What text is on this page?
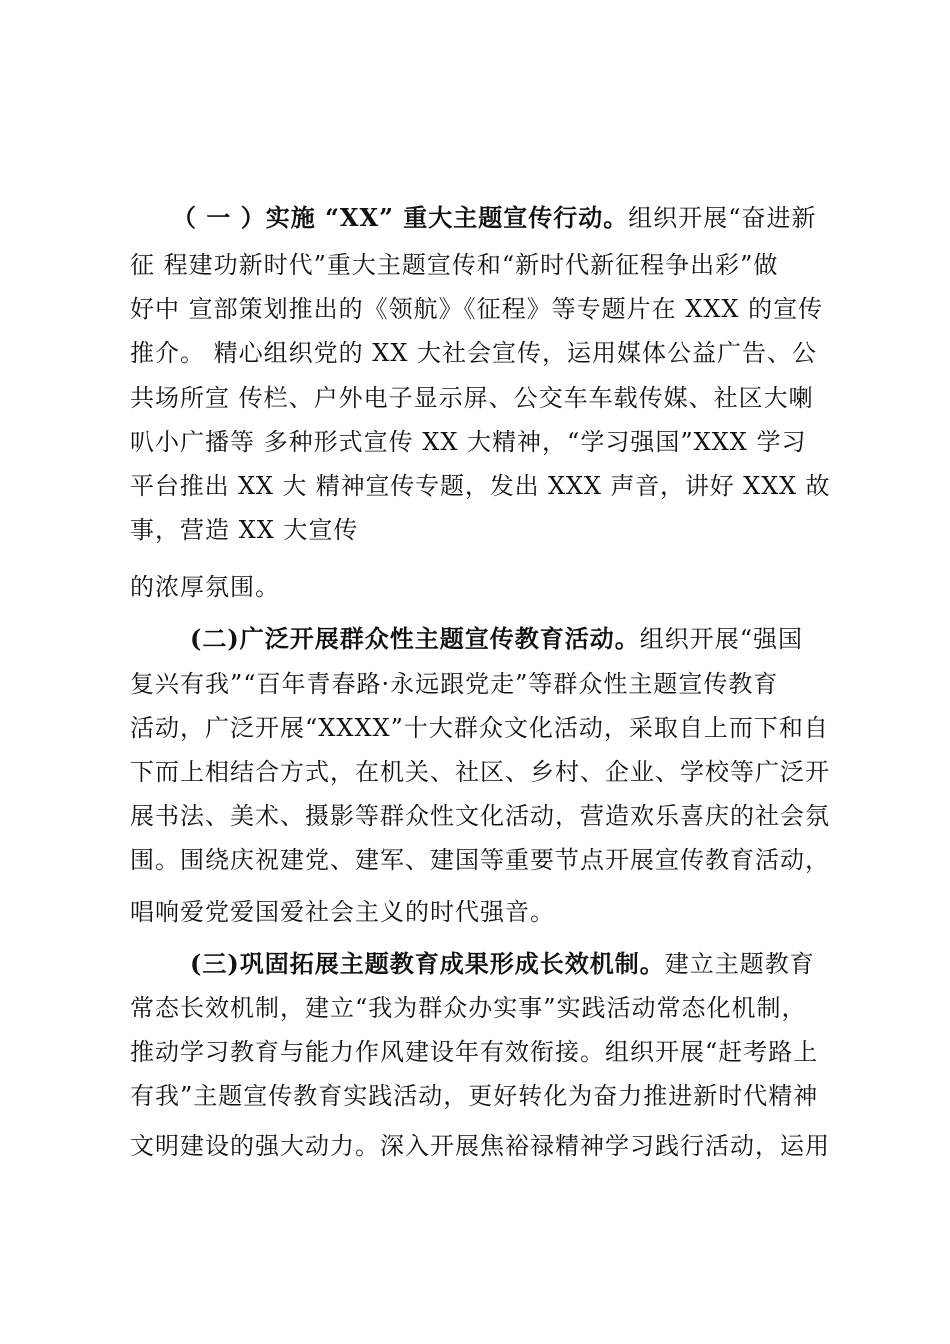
（ 一 ）实施 “XX” 重大主题宣传行动。组织开展“奋进新
征 程建功新时代”重大主题宣传和“新时代新征程争出彩”做
好中 宣部策划推出的《领航》《征程》等专题片在 XXX 的宣传
推介。 精心组织党的 XX 大社会宣传，运用媒体公益广告、公
共场所宣 传栏、户外电子显示屏、公交车车载传媒、社区大喇
叭小广播等 多种形式宣传 XX 大精神，“学习强国”XXX 学习
平台推出 XX 大 精神宣传专题，发出 XXX 声音，讲好 XXX 故
事，营造 XX 大宣传
的浓厚氛围。
(二)广泛开展群众性主题宣传教育活动。组织开展“强国
复兴有我”“百年青春路·永远跟党走”等群众性主题宣传教育
活动，广泛开展“XXXX”十大群众文化活动，采取自上而下和自
下而上相结合方式，在机关、社区、乡村、企业、学校等广泛开
展书法、美术、摄影等群众性文化活动，营造欢乐喜庆的社会氛
围。围绕庆祝建党、建军、建国等重要节点开展宣传教育活动，
唱响爱党爱国爱社会主义的时代强音。
(三)巩固拓展主题教育成果形成长效机制。建立主题教育
常态长效机制，建立“我为群众办实事”实践活动常态化机制，
推动学习教育与能力作风建设年有效衔接。组织开展“赶考路上
有我”主题宣传教育实践活动，更好转化为奋力推进新时代精神
文明建设的强大动力。深入开展焦裕禄精神学习践行活动，运用
